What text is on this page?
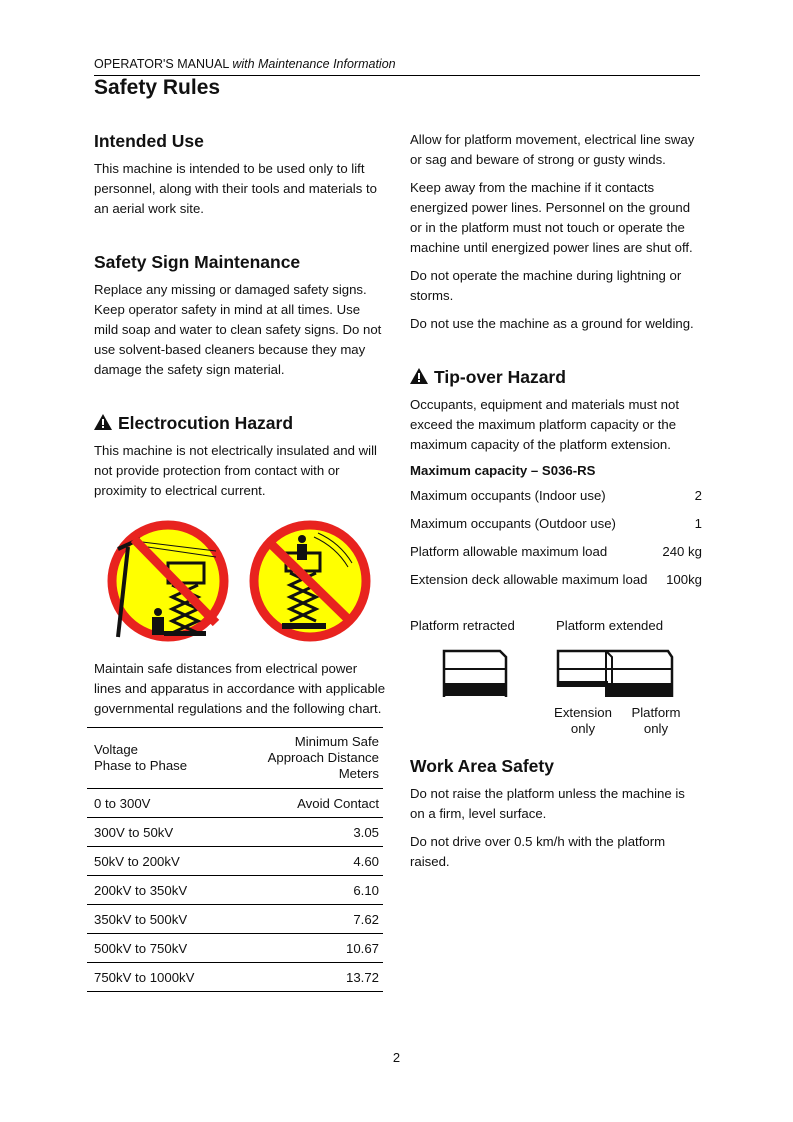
OPERATOR'S MANUAL with Maintenance Information
Safety Rules
Intended Use

This machine is intended to be used only to lift personnel, along with their tools and materials to an aerial work site.

Safety Sign Maintenance

Replace any missing or damaged safety signs. Keep operator safety in mind at all times. Use mild soap and water to clean safety signs. Do not use solvent-based cleaners because they may damage the safety sign material.

Electrocution Hazard

This machine is not electrically insulated and will not provide protection from contact with or proximity to electrical current.

Maintain safe distances from electrical power lines and apparatus in accordance with applicable governmental regulations and the following chart.

Voltage
Phase to Phase	Minimum Safe
Approach Distance
Meters
0 to 300V	Avoid Contact
300V to 50kV	3.05
50kV to 200kV	4.60
200kV to 350kV	6.10
350kV to 500kV	7.62
500kV to 750kV	10.67
750kV to 1000kV	13.72

Allow for platform movement, electrical line sway or sag and beware of strong or gusty winds.

Keep away from the machine if it contacts energized power lines. Personnel on the ground or in the platform must not touch or operate the machine until energized power lines are shut off.

Do not operate the machine during lightning or storms.

Do not use the machine as a ground for welding.

Tip-over Hazard

Occupants, equipment and materials must not exceed the maximum platform capacity or the maximum capacity of the platform extension.

Maximum capacity – S036-RS
Maximum occupants (Indoor use)	2
Maximum occupants (Outdoor use)	1
Platform allowable maximum load	240 kg
Extension deck allowable maximum load 100kg
Platform retracted	Platform extended
Extension
only
Platform
only
Work Area Safety

Do not raise the platform unless the machine is on a firm, level surface.

Do not drive over 0.5 km/h with the platform raised.

2
